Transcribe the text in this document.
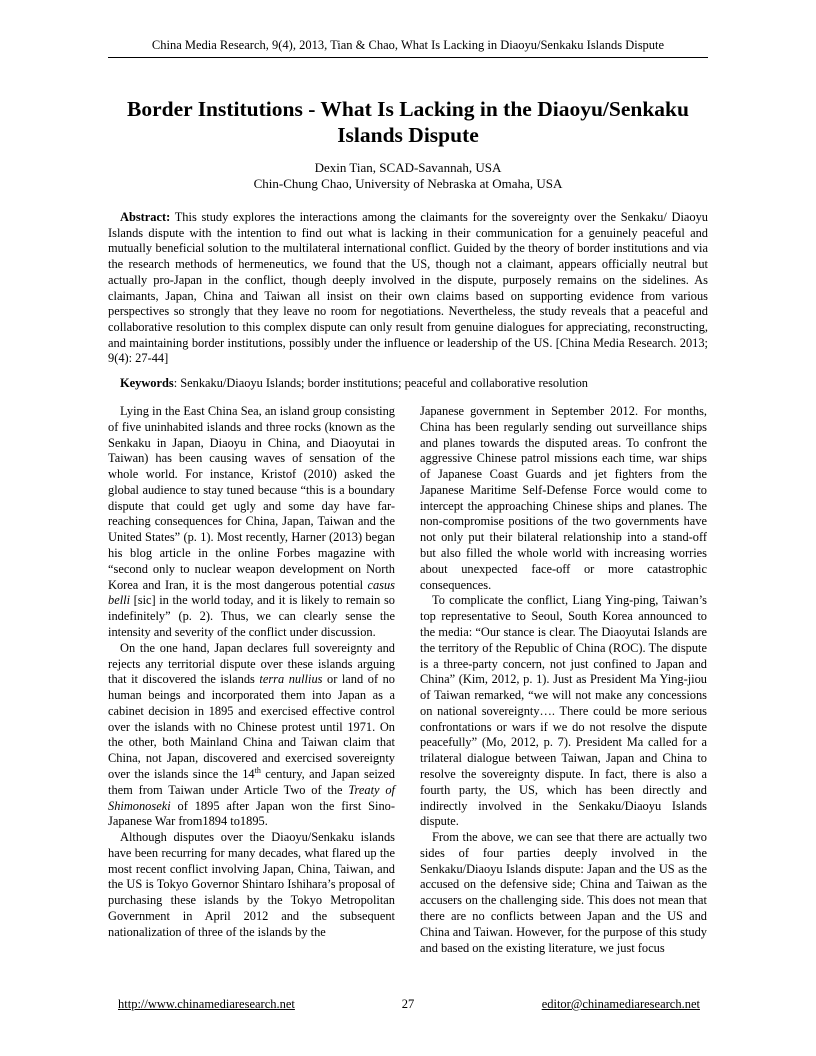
China Media Research, 9(4), 2013, Tian & Chao, What Is Lacking in Diaoyu/Senkaku Islands Dispute
Border Institutions - What Is Lacking in the Diaoyu/Senkaku Islands Dispute
Dexin Tian, SCAD-Savannah, USA
Chin-Chung Chao, University of Nebraska at Omaha, USA

Abstract: This study explores the interactions among the claimants for the sovereignty over the Senkaku/ Diaoyu Islands dispute with the intention to find out what is lacking in their communication for a genuinely peaceful and mutually beneficial solution to the multilateral international conflict. Guided by the theory of border institutions and via the research methods of hermeneutics, we found that the US, though not a claimant, appears officially neutral but actually pro-Japan in the conflict, though deeply involved in the dispute, purposely remains on the sidelines. As claimants, Japan, China and Taiwan all insist on their own claims based on supporting evidence from various perspectives so strongly that they leave no room for negotiations. Nevertheless, the study reveals that a peaceful and collaborative resolution to this complex dispute can only result from genuine dialogues for appreciating, reconstructing, and maintaining border institutions, possibly under the influence or leadership of the US. [China Media Research. 2013; 9(4): 27-44]

Keywords: Senkaku/Diaoyu Islands; border institutions; peaceful and collaborative resolution

Lying in the East China Sea, an island group consisting of five uninhabited islands and three rocks (known as the Senkaku in Japan, Diaoyu in China, and Diaoyutai in Taiwan) has been causing waves of sensation of the whole world. For instance, Kristof (2010) asked the global audience to stay tuned because “this is a boundary dispute that could get ugly and some day have far-reaching consequences for China, Japan, Taiwan and the United States” (p. 1). Most recently, Harner (2013) began his blog article in the online Forbes magazine with “second only to nuclear weapon development on North Korea and Iran, it is the most dangerous potential casus belli [sic] in the world today, and it is likely to remain so indefinitely” (p. 2). Thus, we can clearly sense the intensity and severity of the conflict under discussion.

On the one hand, Japan declares full sovereignty and rejects any territorial dispute over these islands arguing that it discovered the islands terra nullius or land of no human beings and incorporated them into Japan as a cabinet decision in 1895 and exercised effective control over the islands with no Chinese protest until 1971. On the other, both Mainland China and Taiwan claim that China, not Japan, discovered and exercised sovereignty over the islands since the 14th century, and Japan seized them from Taiwan under Article Two of the Treaty of Shimonoseki of 1895 after Japan won the first Sino-Japanese War from1894 to1895.

Although disputes over the Diaoyu/Senkaku islands have been recurring for many decades, what flared up the most recent conflict involving Japan, China, Taiwan, and the US is Tokyo Governor Shintaro Ishihara’s proposal of purchasing these islands by the Tokyo Metropolitan Government in April 2012 and the subsequent nationalization of three of the islands by the

Japanese government in September 2012. For months, China has been regularly sending out surveillance ships and planes towards the disputed areas. To confront the aggressive Chinese patrol missions each time, war ships of Japanese Coast Guards and jet fighters from the Japanese Maritime Self-Defense Force would come to intercept the approaching Chinese ships and planes. The non-compromise positions of the two governments have not only put their bilateral relationship into a stand-off but also filled the whole world with increasing worries about unexpected face-off or more catastrophic consequences.

To complicate the conflict, Liang Ying-ping, Taiwan’s top representative to Seoul, South Korea announced to the media: “Our stance is clear. The Diaoyutai Islands are the territory of the Republic of China (ROC). The dispute is a three-party concern, not just confined to Japan and China” (Kim, 2012, p. 1). Just as President Ma Ying-jiou of Taiwan remarked, “we will not make any concessions on national sovereignty…. There could be more serious confrontations or wars if we do not resolve the dispute peacefully” (Mo, 2012, p. 7). President Ma called for a trilateral dialogue between Taiwan, Japan and China to resolve the sovereignty dispute. In fact, there is also a fourth party, the US, which has been directly and indirectly involved in the Senkaku/Diaoyu Islands dispute.

From the above, we can see that there are actually two sides of four parties deeply involved in the Senkaku/Diaoyu Islands dispute: Japan and the US as the accused on the defensive side; China and Taiwan as the accusers on the challenging side. This does not mean that there are no conflicts between Japan and the US and China and Taiwan. However, for the purpose of this study and based on the existing literature, we just focus

http://www.chinamediaresearch.net	27	editor@chinamediaresearch.net
